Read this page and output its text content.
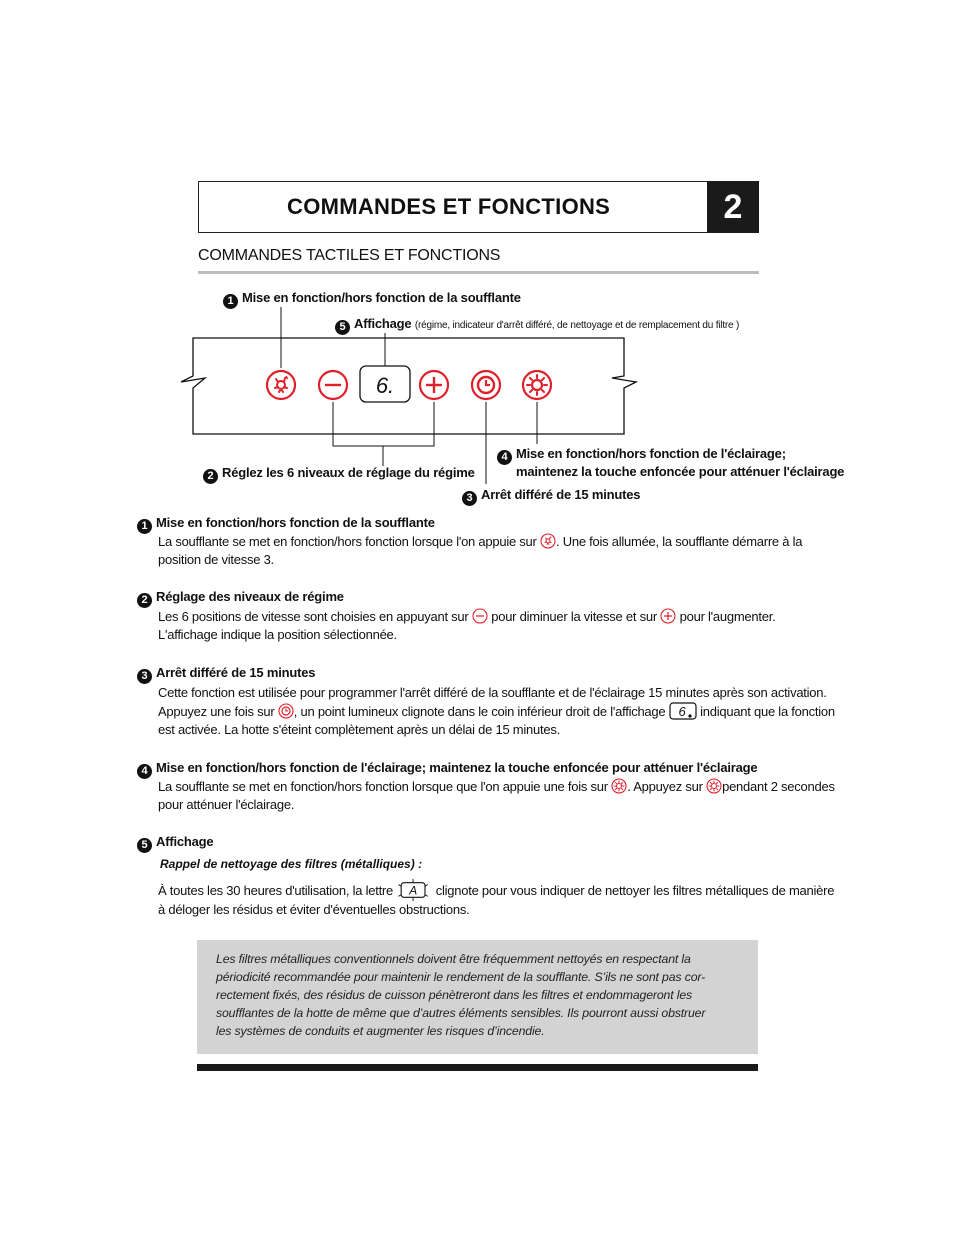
COMMANDES ET FONCTIONS	2
COMMANDES TACTILES ET FONCTIONS
6.
1 Mise en fonction/hors fonction de la soufflante
5 Affichage (régime, indicateur d'arrêt différé, de nettoyage et de remplacement du filtre )
4 Mise en fonction/hors fonction de l'éclairage;
maintenez la touche enfoncée pour atténuer l'éclairage
2 Réglez les 6 niveaux de réglage du régime
3 Arrêt différé de 15 minutes
1 Mise en fonction/hors fonction de la soufflante
La soufflante se met en fonction/hors fonction lorsque l'on appuie sur . Une fois allumée, la soufflante démarre à la
position de vitesse 3.
2 Réglage des niveaux de régime
Les 6 positions de vitesse sont choisies en appuyant sur pour diminuer la vitesse et sur pour l'augmenter.
L'affichage indique la position sélectionnée.
3 Arrêt différé de 15 minutes
Cette fonction est utilisée pour programmer l'arrêt différé de la soufflante et de l'éclairage 15 minutes après son activation.
Appuyez une fois sur , un point lumineux clignote dans le coin inférieur droit de l'affichage 6 indiquant que la fonction
est activée. La hotte s'éteint complètement après un délai de 15 minutes.
4 Mise en fonction/hors fonction de l'éclairage; maintenez la touche enfoncée pour atténuer l'éclairage
La soufflante se met en fonction/hors fonction lorsque que l'on appuie une fois sur . Appuyez sur pendant 2 secondes
pour atténuer l'éclairage.
5 Affichage
Rappel de nettoyage des filtres (métalliques) :
À toutes les 30 heures d'utilisation, la lettre A clignote pour vous indiquer de nettoyer les filtres métalliques de manière
à déloger les résidus et éviter d'éventuelles obstructions.
Les filtres métalliques conventionnels doivent être fréquemment nettoyés en respectant la
périodicité recommandée pour maintenir le rendement de la soufflante. S’ils ne sont pas cor-
rectement fixés, des résidus de cuisson pénètreront dans les filtres et endommageront les
soufflantes de la hotte de même que d’autres éléments sensibles. Ils pourront aussi obstruer
les systèmes de conduits et augmenter les risques d’incendie.
